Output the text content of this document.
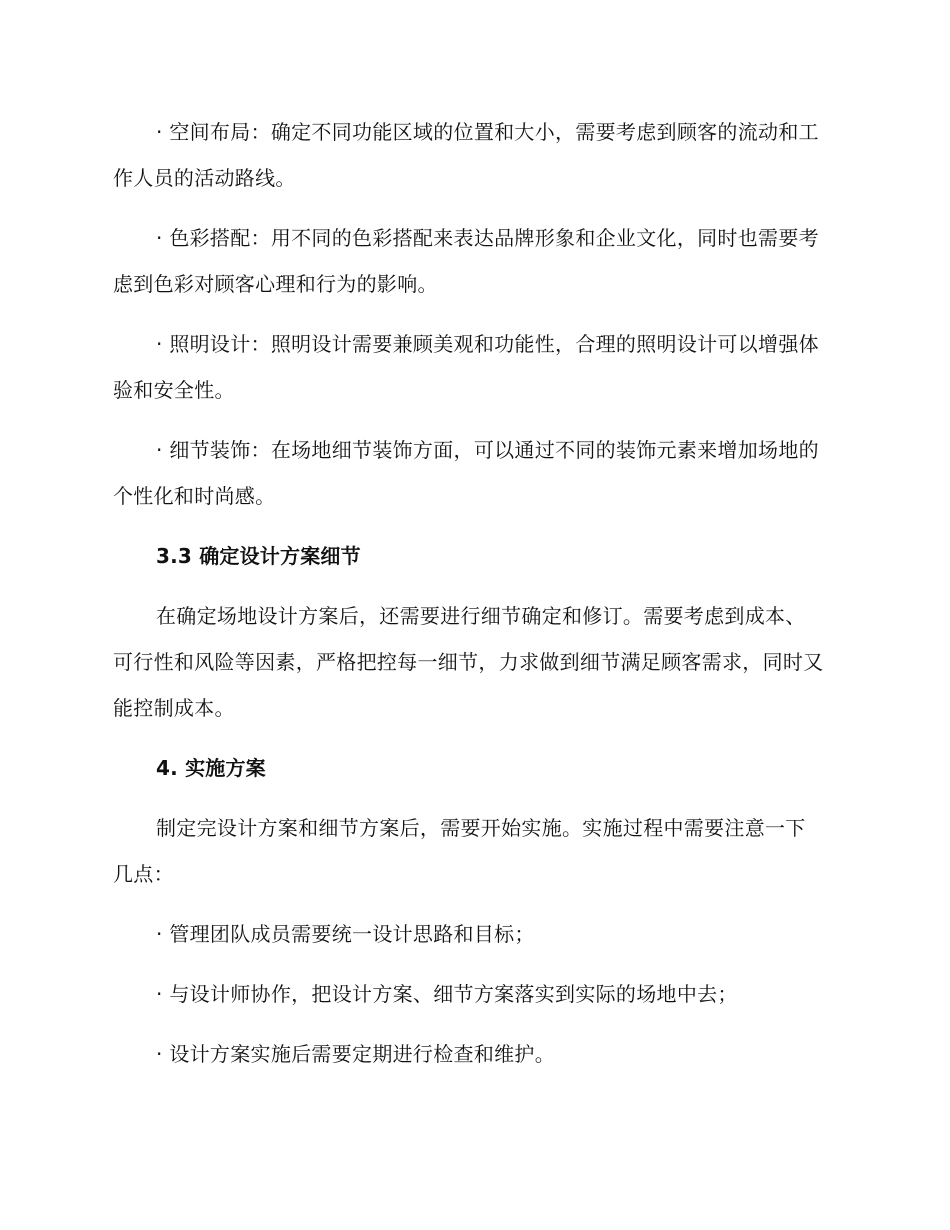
· 空间布局：确定不同功能区域的位置和大小，需要考虑到顾客的流动和工作人员的活动路线。

· 色彩搭配：用不同的色彩搭配来表达品牌形象和企业文化，同时也需要考虑到色彩对顾客心理和行为的影响。

· 照明设计：照明设计需要兼顾美观和功能性，合理的照明设计可以增强体验和安全性。

· 细节装饰：在场地细节装饰方面，可以通过不同的装饰元素来增加场地的个性化和时尚感。

3.3 确定设计方案细节

在确定场地设计方案后，还需要进行细节确定和修订。需要考虑到成本、可行性和风险等因素，严格把控每一细节，力求做到细节满足顾客需求，同时又能控制成本。

4. 实施方案

制定完设计方案和细节方案后，需要开始实施。实施过程中需要注意一下几点：

· 管理团队成员需要统一设计思路和目标；

· 与设计师协作，把设计方案、细节方案落实到实际的场地中去；

· 设计方案实施后需要定期进行检查和维护。
